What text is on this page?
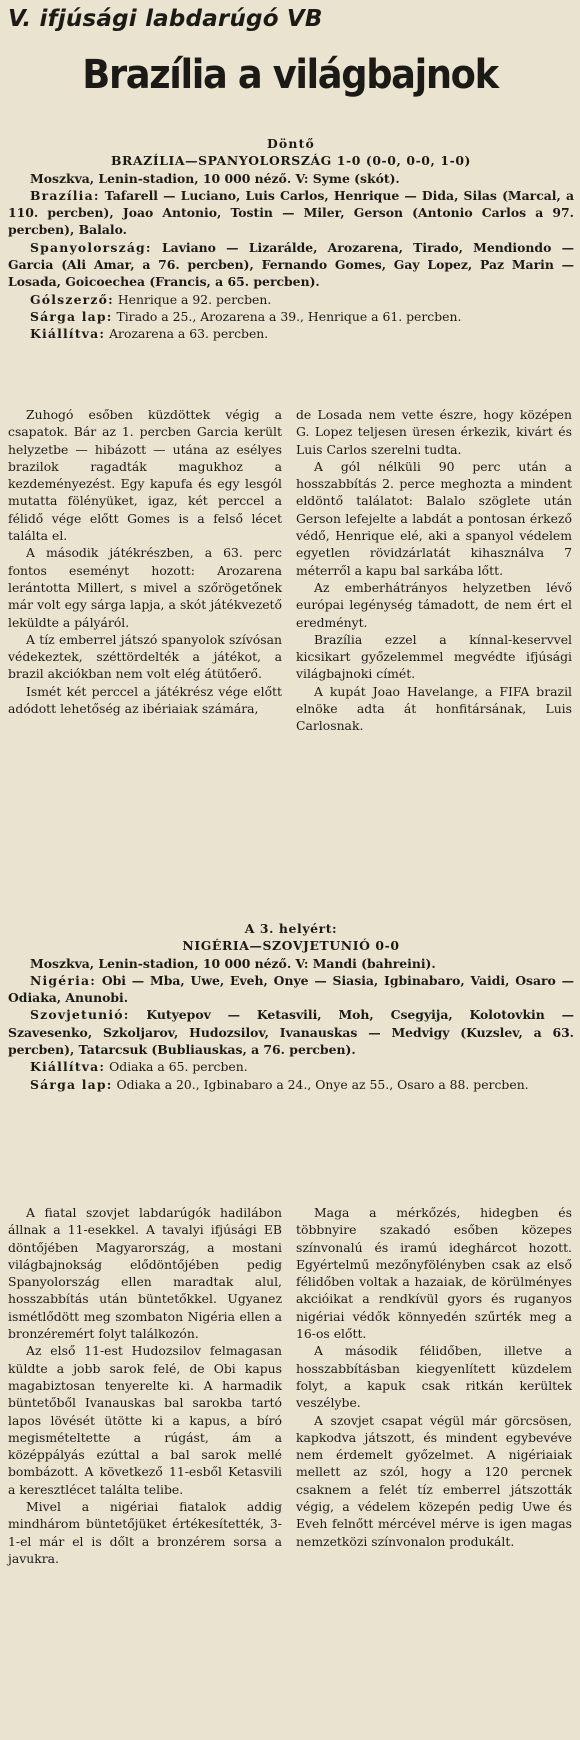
V. ifjúsági labdarúgó VB
Brazília a világbajnok
Döntő
BRAZÍLIA—SPANYOLORSZÁG 1-0 (0-0, 0-0, 1-0)

Moszkva, Lenin-stadion, 10 000 néző. V: Syme (skót).

Brazília: Tafarell — Luciano, Luis Carlos, Henrique — Dida, Silas (Marcal, a 110. percben), Joao Antonio, Tostin — Miler, Gerson (Antonio Carlos a 97. percben), Balalo.

Spanyolország: Laviano — Lizarálde, Arozarena, Tirado, Mendiondo — Garcia (Ali Amar, a 76. percben), Fernando Gomes, Gay Lopez, Paz Marin — Losada, Goicoechea (Francis, a 65. percben).

Gólszerző: Henrique a 92. percben.

Sárga lap: Tirado a 25., Arozarena a 39., Henrique a 61. percben.

Kiállítva: Arozarena a 63. percben.

Zuhogó esőben küzdöttek végig a csapatok. Bár az 1. percben Garcia került helyzetbe — hibázott — utána az esélyes brazilok ragadták magukhoz a kezdeményezést. Egy kapufa és egy lesgól mutatta fölényüket, igaz, két perccel a félidő vége előtt Gomes is a felső lécet találta el.

A második játékrészben, a 63. perc fontos eseményt hozott: Arozarena lerántotta Millert, s mivel a szőrögetőnek már volt egy sárga lapja, a skót játékvezető leküldte a pályáról.

A tíz emberrel játszó spanyolok szívósan védekeztek, széttördelték a játékot, a brazil akciókban nem volt elég átütőerő.

Ismét két perccel a játékrész vége előtt adódott lehetőség az ibériaiak számára,

de Losada nem vette észre, hogy középen G. Lopez teljesen üresen érkezik, kivárt és Luis Carlos szerelni tudta.

A gól nélküli 90 perc után a hosszabbítás 2. perce meghozta a mindent eldöntő találatot: Balalo szöglete után Gerson lefejelte a labdát a pontosan érkező védő, Henrique elé, aki a spanyol védelem egyetlen rövidzárlatát kihasználva 7 méterről a kapu bal sarkába lőtt.

Az emberhátrányos helyzetben lévő európai legénység támadott, de nem ért el eredményt.

Brazília ezzel a kínnal-keservvel kicsikart győzelemmel megvédte ifjúsági világbajnoki címét.

A kupát Joao Havelange, a FIFA brazil elnöke adta át honfitársának, Luis Carlosnak.

A 3. helyért:
NIGÉRIA—SZOVJETUNIÓ 0-0

Moszkva, Lenin-stadion, 10 000 néző. V: Mandi (bahreini).

Nigéria: Obi — Mba, Uwe, Eveh, Onye — Siasia, Igbinabaro, Vaidi, Osaro — Odiaka, Anunobi.

Szovjetunió: Kutyepov — Ketasvili, Moh, Csegyija, Kolotovkin — Szavesenko, Szkoljarov, Hudozsilov, Ivanauskas — Medvigy (Kuzslev, a 63. percben), Tatarcsuk (Bubliauskas, a 76. percben).

Kiállítva: Odiaka a 65. percben.

Sárga lap: Odiaka a 20., Igbinabaro a 24., Onye az 55., Osaro a 88. percben.

A fiatal szovjet labdarúgók hadilábon állnak a 11-esekkel. A tavalyi ifjúsági EB döntőjében Magyarország, a mostani világbajnokság elődöntőjében pedig Spanyolország ellen maradtak alul, hosszabbítás után büntetőkkel. Ugyanez ismétlődött meg szombaton Nigéria ellen a bronzéremért folyt találkozón.

Az első 11-est Hudozsilov felmagasan küldte a jobb sarok felé, de Obi kapus magabiztosan tenyerelte ki. A harmadik büntetőből Ivanauskas bal sarokba tartó lapos lövését ütötte ki a kapus, a bíró megismételtette a rúgást, ám a középpályás ezúttal a bal sarok mellé bombázott. A következő 11-esből Ketasvili a keresztlécet találta telibe.

Mivel a nigériai fiatalok addig mindhárom büntetőjüket értékesítették, 3-1-el már el is dőlt a bronzérem sorsa a javukra.

Maga a mérkőzés, hidegben és többnyire szakadó esőben közepes színvonalú és iramú ideghárcot hozott. Egyértelmű mezőnyfölényben csak az első félidőben voltak a hazaiak, de körülményes akcióikat a rendkívül gyors és ruganyos nigériai védők könnyedén szűrték meg a 16-os előtt.

A második félidőben, illetve a hosszabbításban kiegyenlített küzdelem folyt, a kapuk csak ritkán kerültek veszélybe.

A szovjet csapat végül már görcsösen, kapkodva játszott, és mindent egybevéve nem érdemelt győzelmet. A nigériaiak mellett az szól, hogy a 120 percnek csaknem a felét tíz emberrel játszották végig, a védelem közepén pedig Uwe és Eveh felnőtt mércével mérve is igen magas nemzetközi színvonalon produkált.
